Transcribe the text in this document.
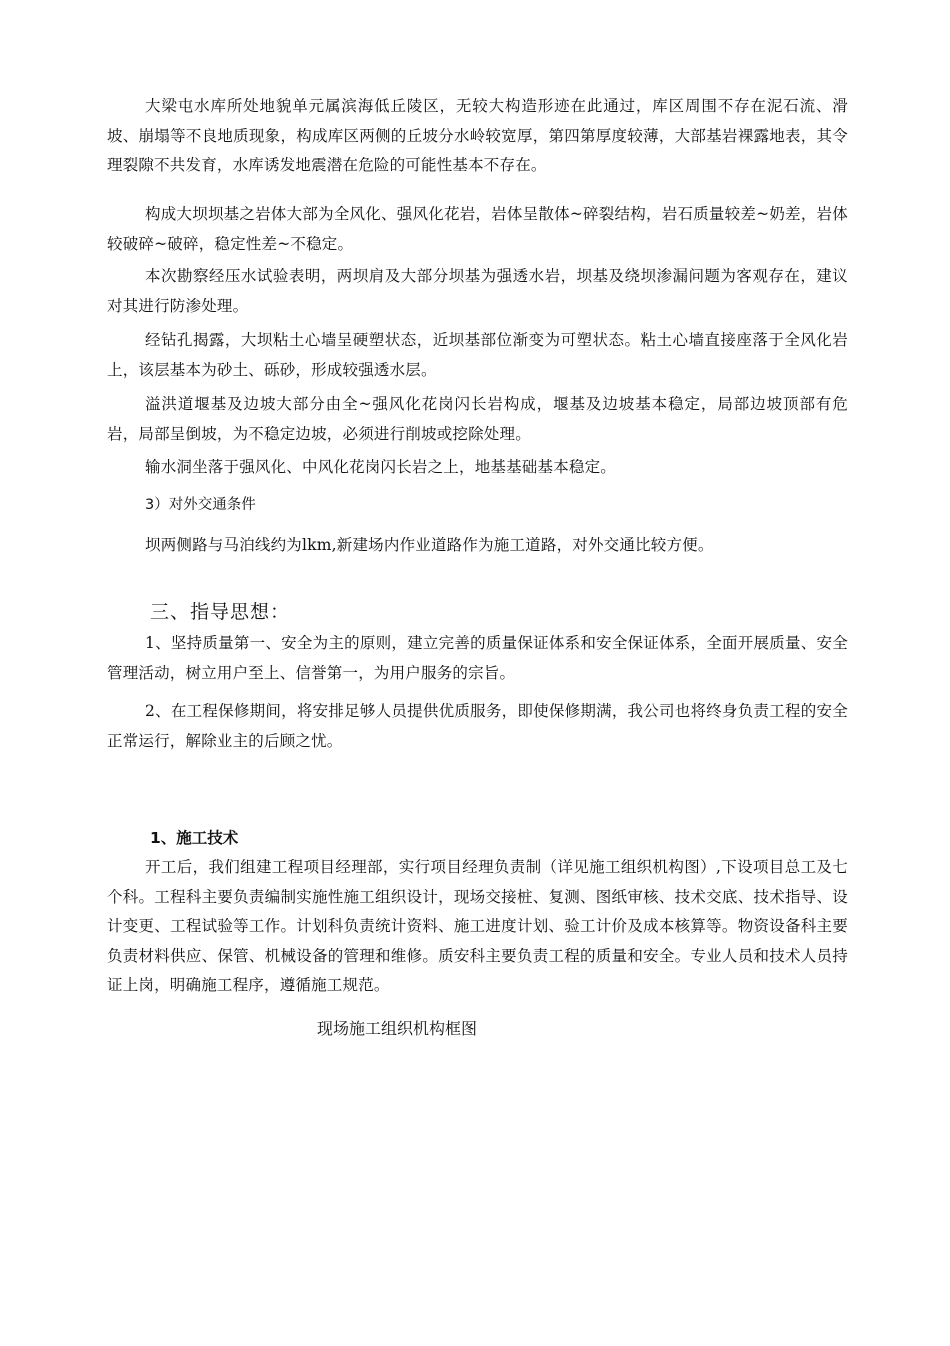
大梁屯水库所处地貌单元属滨海低丘陵区，无较大构造形迹在此通过，库区周围不存在泥石流、滑坡、崩塌等不良地质现象，构成库区两侧的丘坡分水岭较宽厚，第四第厚度较薄，大部基岩裸露地表，其令理裂隙不共发育，水库诱发地震潜在危险的可能性基本不存在。

构成大坝坝基之岩体大部为全风化、强风化花岩，岩体呈散体~碎裂结构，岩石质量较差~奶差，岩体较破碎~破碎，稳定性差~不稳定。

本次勘察经压水试验表明，两坝肩及大部分坝基为强透水岩，坝基及绕坝渗漏问题为客观存在，建议对其进行防渗处理。

经钻孔揭露，大坝粘土心墙呈硬塑状态，近坝基部位渐变为可塑状态。粘土心墙直接座落于全风化岩上，该层基本为砂土、砾砂，形成较强透水层。

溢洪道堰基及边坡大部分由全~强风化花岗闪长岩构成，堰基及边坡基本稳定，局部边坡顶部有危岩，局部呈倒坡，为不稳定边坡，必须进行削坡或挖除处理。

输水洞坐落于强风化、中风化花岗闪长岩之上，地基基础基本稳定。

3）对外交通条件

坝两侧路与马泊线约为lkm,新建场内作业道路作为施工道路，对外交通比较方便。

三、指导思想：

1、坚持质量第一、安全为主的原则，建立完善的质量保证体系和安全保证体系，全面开展质量、安全管理活动，树立用户至上、信誉第一，为用户服务的宗旨。

2、在工程保修期间，将安排足够人员提供优质服务，即使保修期满，我公司也将终身负责工程的安全正常运行，解除业主的后顾之忧。

1、施工技术

开工后，我们组建工程项目经理部，实行项目经理负责制（详见施工组织机构图）,下设项目总工及七个科。工程科主要负责编制实施性施工组织设计，现场交接桩、复测、图纸审核、技术交底、技术指导、设计变更、工程试验等工作。计划科负责统计资料、施工进度计划、验工计价及成本核算等。物资设备科主要负责材料供应、保管、机械设备的管理和维修。质安科主要负责工程的质量和安全。专业人员和技术人员持证上岗，明确施工程序，遵循施工规范。

现场施工组织机构框图
